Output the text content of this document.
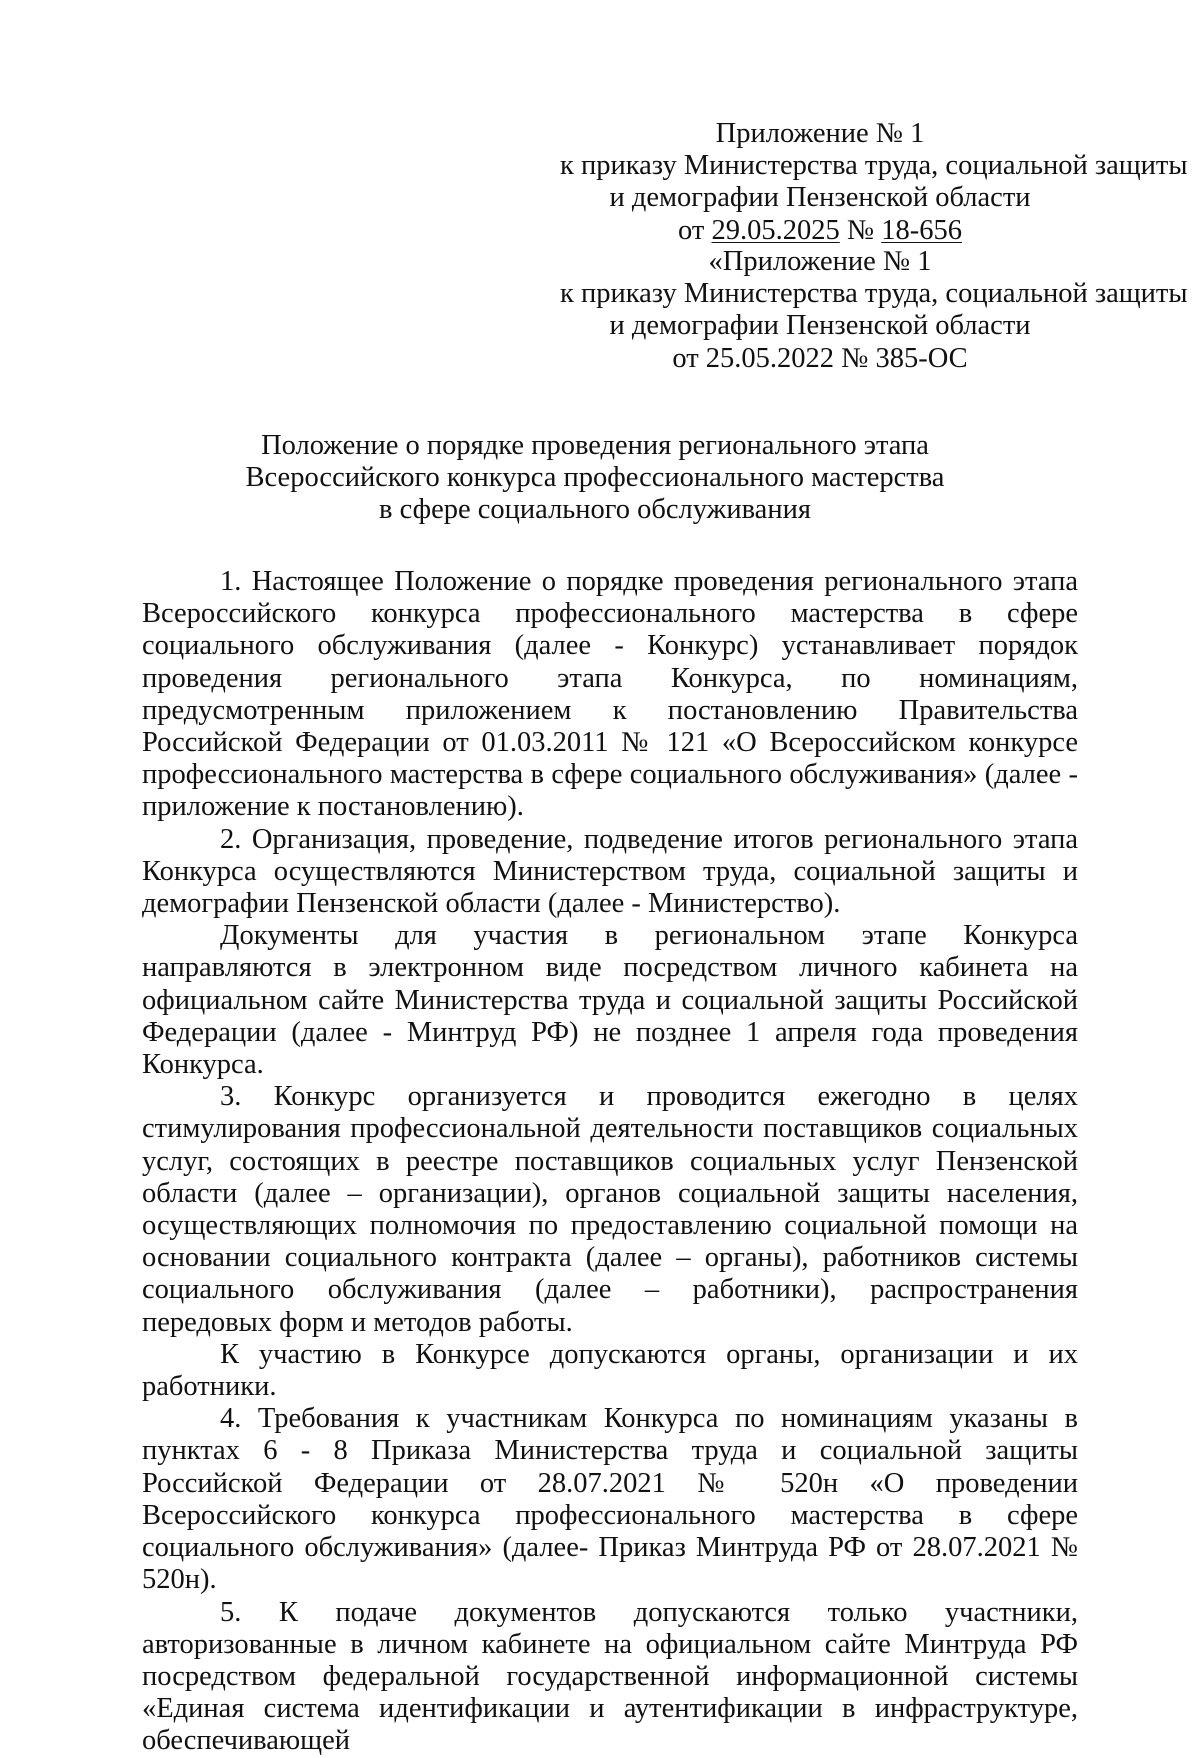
Приложение № 1
к приказу Министерства труда, социальной защиты
и демографии Пензенской области
от 29.05.2025 № 18-656
«Приложение № 1
к приказу Министерства труда, социальной защиты
и демографии Пензенской области
от 25.05.2022 № 385-ОС
Положение о порядке проведения регионального этапа
Всероссийского конкурса профессионального мастерства
в сфере социального обслуживания

1. Настоящее Положение о порядке проведения регионального этапа Всероссийского конкурса профессионального мастерства в сфере социального обслуживания (далее - Конкурс) устанавливает порядок проведения регионального этапа Конкурса, по номинациям, предусмотренным приложением к постановлению Правительства Российской Федерации от 01.03.2011 № 121 «О Всероссийском конкурсе профессионального мастерства в сфере социального обслуживания» (далее - приложение к постановлению).

2. Организация, проведение, подведение итогов регионального этапа Конкурса осуществляются Министерством труда, социальной защиты и демографии Пензенской области (далее - Министерство).

Документы для участия в региональном этапе Конкурса направляются в электронном виде посредством личного кабинета на официальном сайте Министерства труда и социальной защиты Российской Федерации (далее - Минтруд РФ) не позднее 1 апреля года проведения Конкурса.

3. Конкурс организуется и проводится ежегодно в целях стимулирования профессиональной деятельности поставщиков социальных услуг, состоящих в реестре поставщиков социальных услуг Пензенской области (далее – организации), органов социальной защиты населения, осуществляющих полномочия по предоставлению социальной помощи на основании социального контракта (далее – органы), работников системы социального обслуживания (далее – работники), распространения передовых форм и методов работы.

К участию в Конкурсе допускаются органы, организации и их работники.

4. Требования к участникам Конкурса по номинациям указаны в пунктах 6 - 8 Приказа Министерства труда и социальной защиты Российской Федерации от 28.07.2021 № 520н «О проведении Всероссийского конкурса профессионального мастерства в сфере социального обслуживания» (далее- Приказ Минтруда РФ от 28.07.2021 № 520н).

5. К подаче документов допускаются только участники, авторизованные в личном кабинете на официальном сайте Минтруда РФ посредством федеральной государственной информационной системы «Единая система идентификации и аутентификации в инфраструктуре, обеспечивающей
